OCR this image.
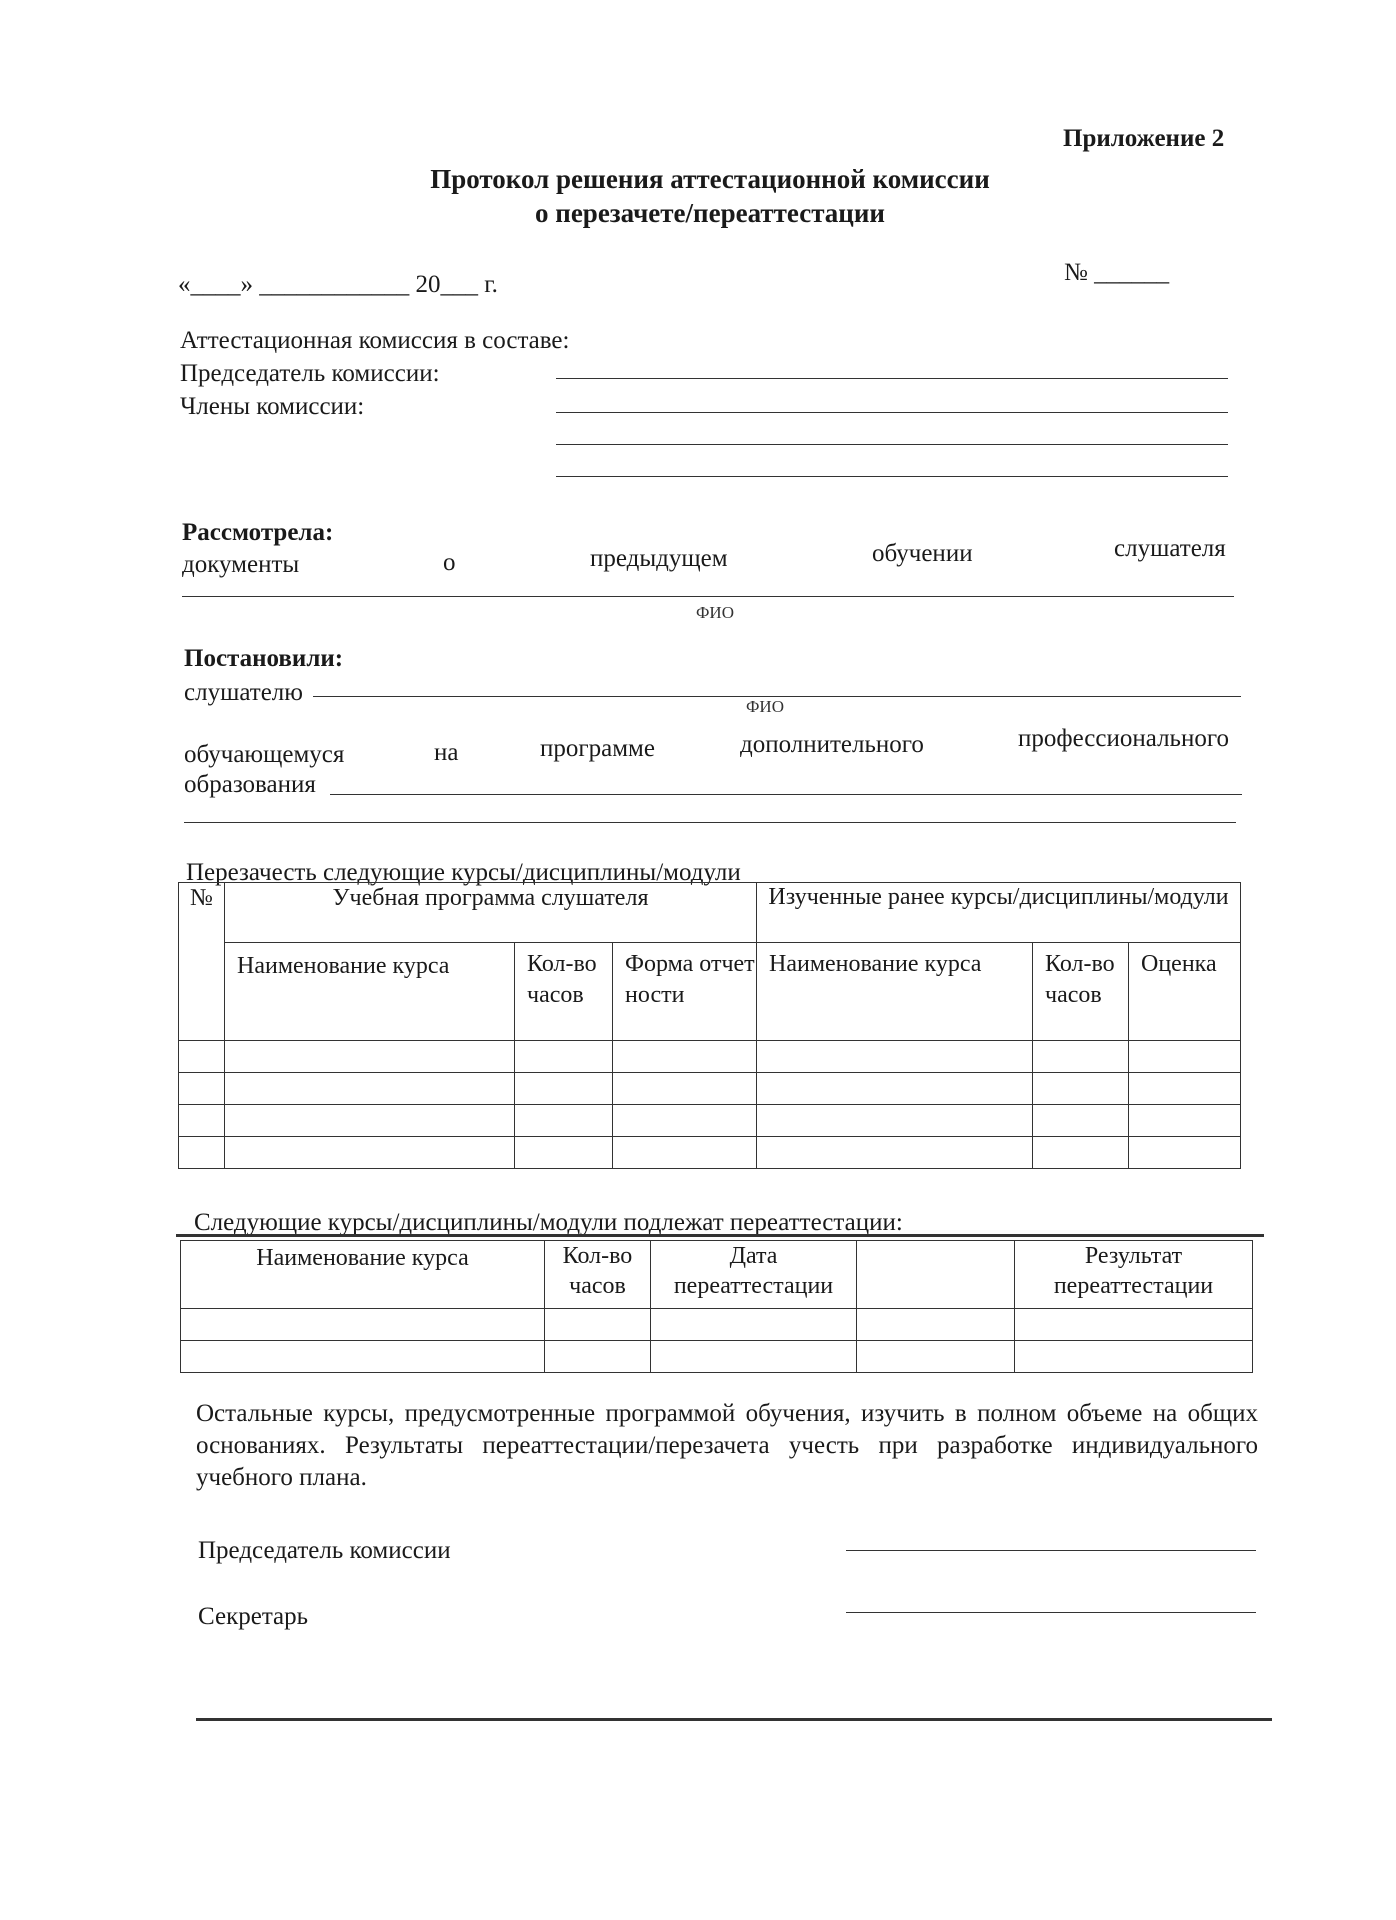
Приложение 2
Протокол решения аттестационной комиссии
о перезачете/переаттестации
«____» ____________ 20___ г.	№ ______
Аттестационная комиссия в составе:
Председатель комиссии:
Члены комиссии:
Рассмотрела:
документы	о	предыдущем	обучении	слушателя
ФИО
Постановили:
слушателю
ФИО
обучающемуся	на	программе	дополнительного	профессионального
образования
Перезачесть следующие курсы/дисциплины/модули
№	Учебная программа слушателя			Изученные ранее курсы/дисциплины/модули		
	Наименование курса	Кол-во часов	Форма отчетности	Наименование курса	Кол-во часов	Оценка

Следующие курсы/дисциплины/модули подлежат переаттестации:
Наименование курса	Кол-во часов	Дата переаттестации		Результат переаттестации

Остальные курсы, предусмотренные программой обучения, изучить в полном объеме на общих основаниях. Результаты переаттестации/перезачета учесть при разработке индивидуального учебного плана.
Председатель комиссии
Секретарь
